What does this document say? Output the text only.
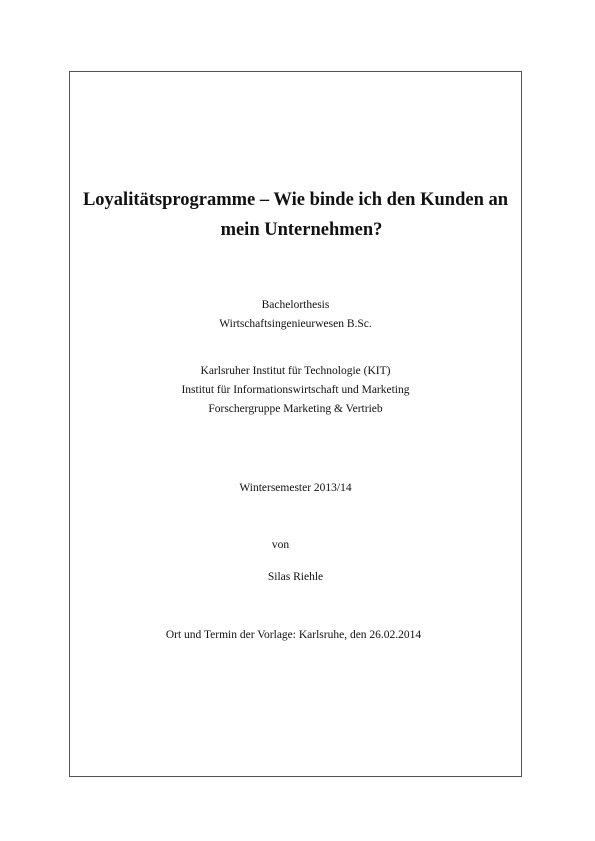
Loyalitätsprogramme – Wie binde ich den Kunden an
mein Unternehmen?
Bachelorthesis
Wirtschaftsingenieurwesen B.Sc.
Karlsruher Institut für Technologie (KIT)
Institut für Informationswirtschaft und Marketing
Forschergruppe Marketing & Vertrieb
Wintersemester 2013/14
von
Silas Riehle
Ort und Termin der Vorlage: Karlsruhe, den 26.02.2014
